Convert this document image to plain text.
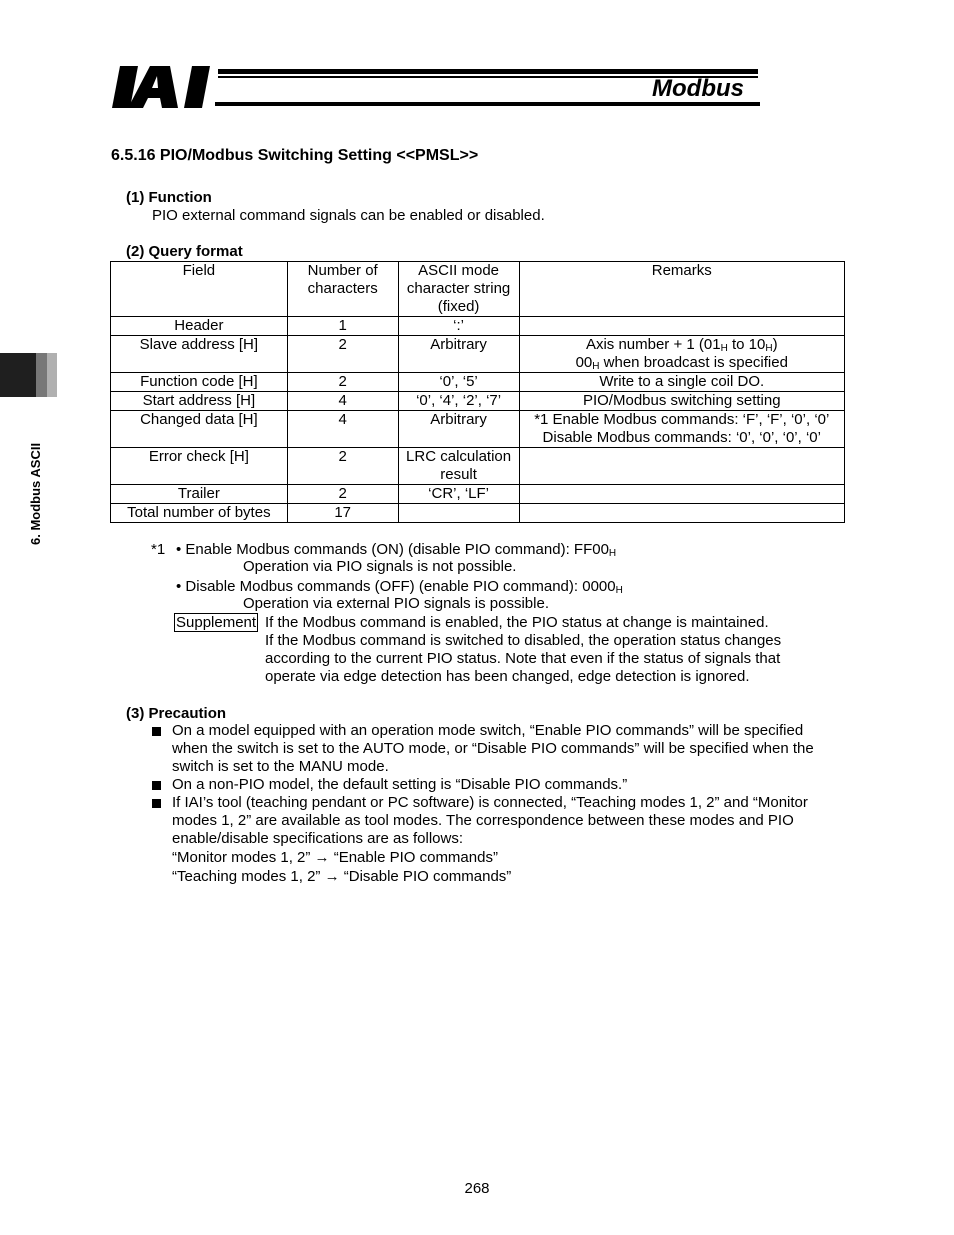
Modbus
6. Modbus ASCII
6.5.16 PIO/Modbus Switching Setting <<PMSL>>
(1) Function
PIO external command signals can be enabled or disabled.
(2) Query format
Field	Number of characters	ASCII mode character string (fixed)	Remarks
Header	1	‘:’	
Slave address [H]	2	Arbitrary	Axis number + 1 ($01_H$ to $10_H$)
$00_H$ when broadcast is specified
Function code [H]	2	‘0’, ‘5’	Write to a single coil DO.
Start address [H]	4	‘0’, ‘4’, ‘2’, ‘7’	PIO/Modbus switching setting
Changed data [H]	4	Arbitrary	*1 Enable Modbus commands: ‘F’, ‘F’, ‘0’, ‘0’
Disable Modbus commands: ‘0’, ‘0’, ‘0’, ‘0’
Error check [H]	2	LRC calculation result	
Trailer	2	‘CR’, ‘LF’	
Total number of bytes	17		
*1 • Enable Modbus commands (ON) (disable PIO command): $FF00_H$
Operation via PIO signals is not possible.
• Disable Modbus commands (OFF) (enable PIO command): $0000_H$
Operation via external PIO signals is possible.
Supplement If the Modbus command is enabled, the PIO status at change is maintained.
If the Modbus command is switched to disabled, the operation status changes
according to the current PIO status. Note that even if the status of signals that
operate via edge detection has been changed, edge detection is ignored.
(3) Precaution
On a model equipped with an operation mode switch, “Enable PIO commands” will be specified
when the switch is set to the AUTO mode, or “Disable PIO commands” will be specified when the
switch is set to the MANU mode.
On a non-PIO model, the default setting is “Disable PIO commands.”
If IAI’s tool (teaching pendant or PC software) is connected, “Teaching modes 1, 2” and “Monitor
modes 1, 2” are available as tool modes. The correspondence between these modes and PIO
enable/disable specifications are as follows:
“Monitor modes 1, 2” → “Enable PIO commands”
“Teaching modes 1, 2” → “Disable PIO commands”
268
